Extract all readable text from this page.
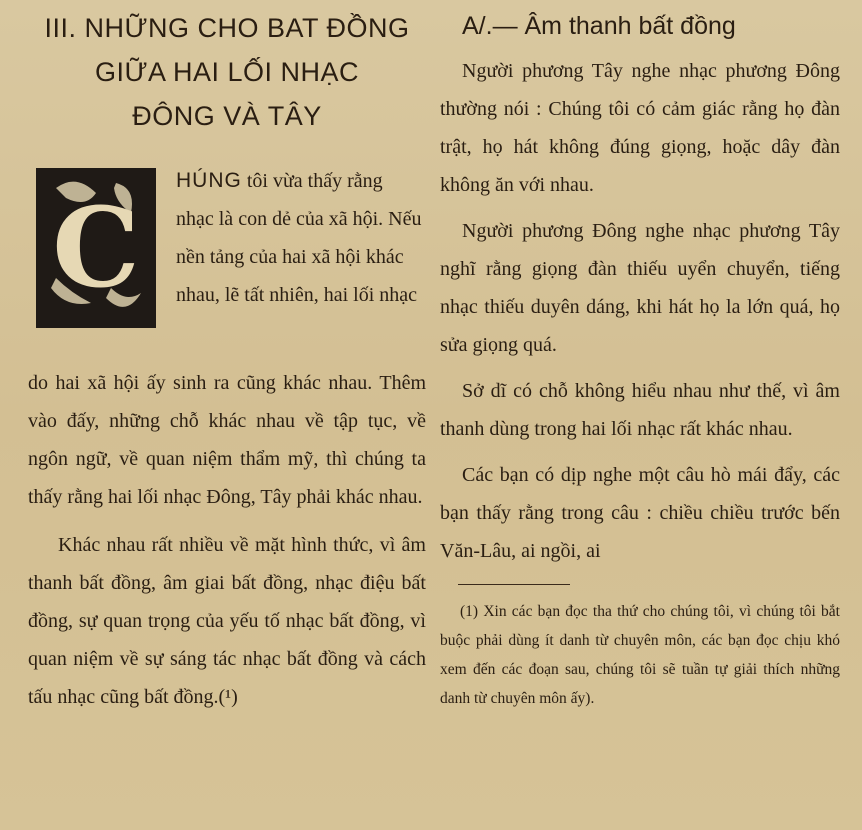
III. NHỮNG CHO BAT ĐỒNG
GIỮA HAI LỐI NHẠC
ĐÔNG VÀ TÂY
C

HÚNG tôi vừa thấy rằng nhạc là con dẻ của xã hội. Nếu nền tảng của hai xã hội khác nhau, lẽ tất nhiên, hai lối nhạc

do hai xã hội ấy sinh ra cũng khác nhau. Thêm vào đấy, những chỗ khác nhau về tập tục, về ngôn ngữ, về quan niệm thẩm mỹ, thì chúng ta thấy rằng hai lối nhạc Đông, Tây phải khác nhau.

Khác nhau rất nhiều về mặt hình thức, vì âm thanh bất đồng, âm giai bất đồng, nhạc điệu bất đồng, sự quan trọng của yếu tố nhạc bất đồng, vì quan niệm về sự sáng tác nhạc bất đồng và cách tấu nhạc cũng bất đồng.(¹)

A/.— Âm thanh bất đồng

Người phương Tây nghe nhạc phương Đông thường nói : Chúng tôi có cảm giác rằng họ đàn trật, họ hát không đúng giọng, hoặc dây đàn không ăn với nhau.

Người phương Đông nghe nhạc phương Tây nghĩ rằng giọng đàn thiếu uyển chuyển, tiếng nhạc thiếu duyên dáng, khi hát họ la lớn quá, họ sửa giọng quá.

Sở dĩ có chỗ không hiểu nhau như thế, vì âm thanh dùng trong hai lối nhạc rất khác nhau.

Các bạn có dịp nghe một câu hò mái đẩy, các bạn thấy rằng trong câu : chiều chiều trước bến Văn-Lâu, ai ngồi, ai

(1) Xin các bạn đọc tha thứ cho chúng tôi, vì chúng tôi bắt buộc phải dùng ít danh từ chuyên môn, các bạn đọc chịu khó xem đến các đoạn sau, chúng tôi sẽ tuần tự giải thích những danh từ chuyên môn ấy).
